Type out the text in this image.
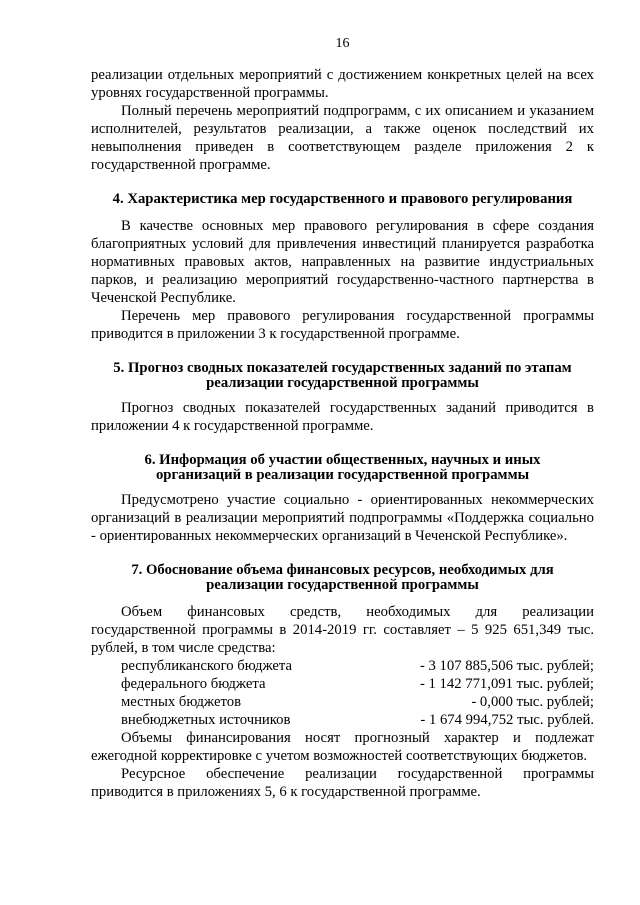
16

реализации отдельных мероприятий с достижением конкретных целей на всех уровнях государственной программы.

Полный перечень мероприятий подпрограмм, с их описанием и указанием исполнителей, результатов реализации, а также оценок последствий их невыполнения приведен в соответствующем разделе приложения 2 к государственной программе.

4. Характеристика мер государственного и правового регулирования

В качестве основных мер правового регулирования в сфере создания благоприятных условий для привлечения инвестиций планируется разработка нормативных правовых актов, направленных на развитие индустриальных парков, и реализацию мероприятий государственно-частного партнерства в Чеченской Республике.

Перечень мер правового регулирования государственной программы приводится в приложении 3 к государственной программе.

5. Прогноз сводных показателей государственных заданий по этапам
реализации государственной программы

Прогноз сводных показателей государственных заданий приводится в приложении 4 к государственной программе.

6. Информация об участии общественных, научных и иных
организаций в реализации государственной программы

Предусмотрено участие социально - ориентированных некоммерческих организаций в реализации мероприятий подпрограммы «Поддержка социально - ориентированных некоммерческих организаций в Чеченской Республике».

7. Обоснование объема финансовых ресурсов, необходимых для
реализации государственной программы

Объем финансовых средств, необходимых для реализации государственной программы в 2014-2019 гг. составляет – 5 925 651,349 тыс. рублей, в том числе средства:

республиканского бюджета	- 3 107 885,506 тыс. рублей;
федерального бюджета	- 1 142 771,091 тыс. рублей;
местных бюджетов	- 0,000 тыс. рублей;
внебюджетных источников	- 1 674 994,752 тыс. рублей.

Объемы финансирования носят прогнозный характер и подлежат ежегодной корректировке с учетом возможностей соответствующих бюджетов.

Ресурсное обеспечение реализации государственной программы приводится в приложениях 5, 6 к государственной программе.
